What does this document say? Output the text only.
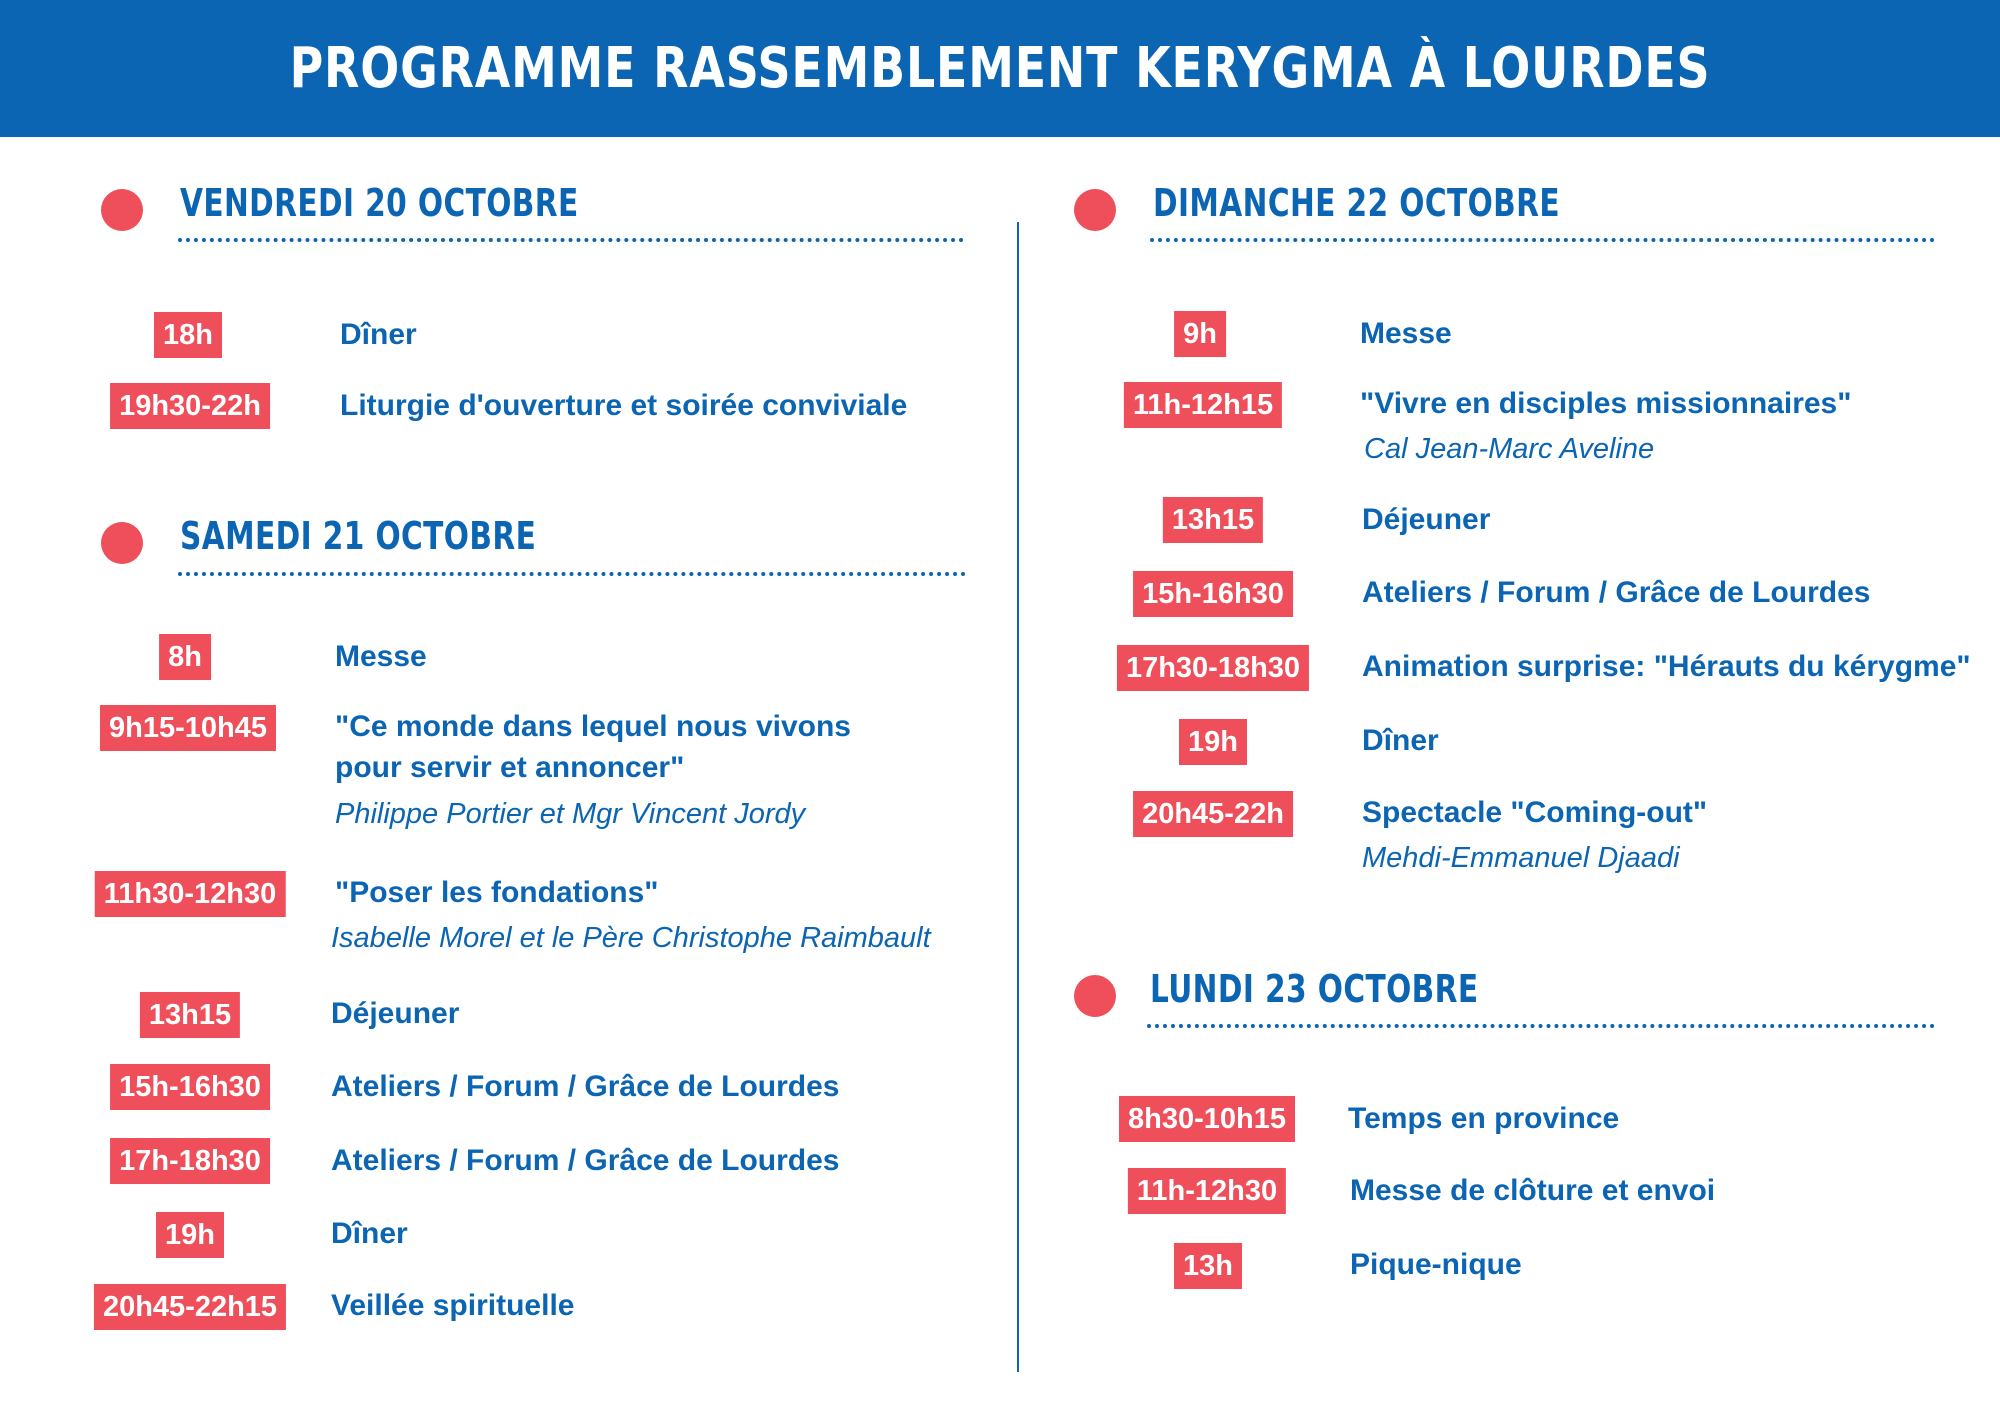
PROGRAMME RASSEMBLEMENT KERYGMA À LOURDES
VENDREDI 20 OCTOBRE
18h	Dîner
19h30-22h	Liturgie d'ouverture et soirée conviviale
SAMEDI 21 OCTOBRE
8h	Messe
9h15-10h45	"Ce monde dans lequel nous vivons
pour servir et annoncer"
Philippe Portier et Mgr Vincent Jordy
11h30-12h30	"Poser les fondations"
Isabelle Morel et le Père Christophe Raimbault
13h15	Déjeuner
15h-16h30	Ateliers / Forum / Grâce de Lourdes
17h-18h30	Ateliers / Forum / Grâce de Lourdes
19h	Dîner
20h45-22h15	Veillée spirituelle
DIMANCHE 22 OCTOBRE
9h	Messe
11h-12h15	"Vivre en disciples missionnaires"
Cal Jean-Marc Aveline
13h15	Déjeuner
15h-16h30	Ateliers / Forum / Grâce de Lourdes
17h30-18h30	Animation surprise: "Hérauts du kérygme"
19h	Dîner
20h45-22h	Spectacle "Coming-out"
Mehdi-Emmanuel Djaadi
LUNDI 23 OCTOBRE
8h30-10h15	Temps en province
11h-12h30	Messe de clôture et envoi
13h	Pique-nique
